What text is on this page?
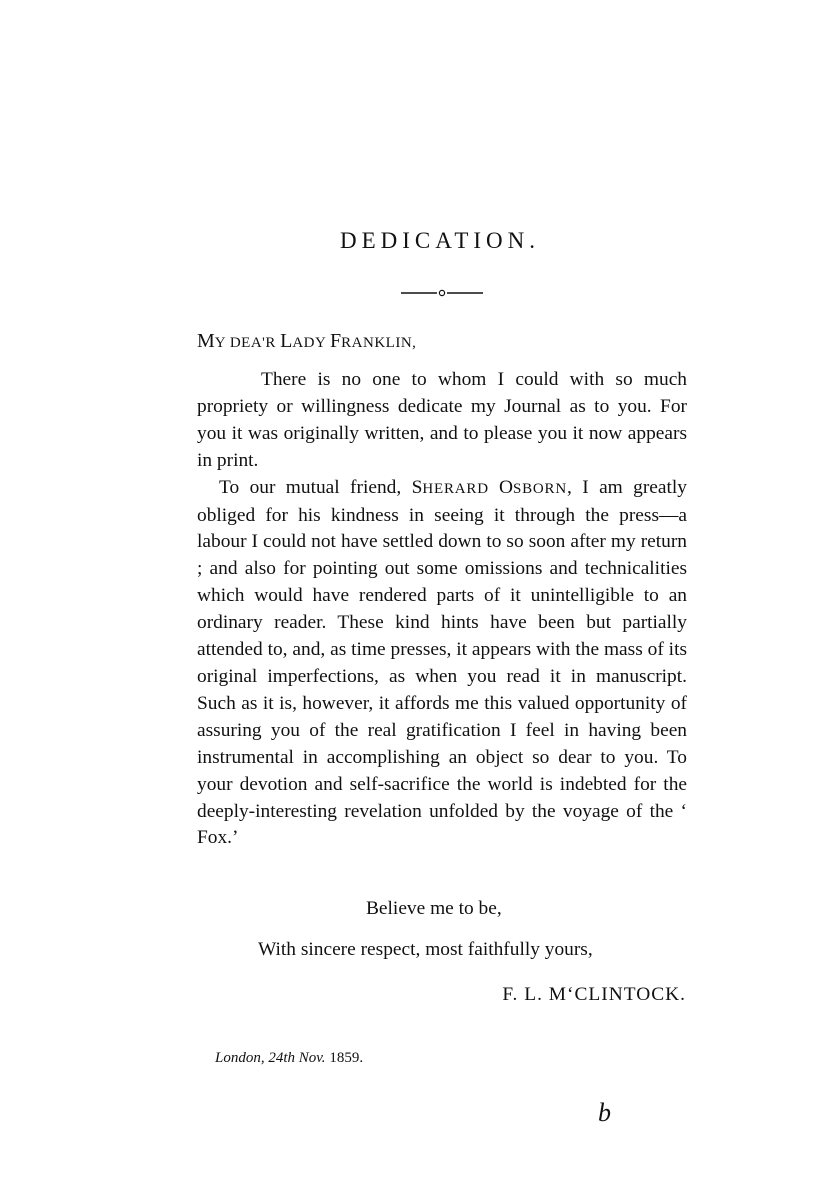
DEDICATION.

MY DEA'R LADY FRANKLIN,

There is no one to whom I could with so much propriety or willingness dedicate my Journal as to you. For you it was originally written, and to please you it now appears in print.

To our mutual friend, SHERARD OSBORN, I am greatly obliged for his kindness in seeing it through the press—a labour I could not have settled down to so soon after my return ; and also for pointing out some omissions and technicalities which would have rendered parts of it unintelligible to an ordinary reader. These kind hints have been but partially attended to, and, as time presses, it appears with the mass of its original imperfections, as when you read it in manuscript. Such as it is, however, it affords me this valued opportunity of assuring you of the real gratification I feel in having been instrumental in accomplishing an object so dear to you. To your devotion and self-sacrifice the world is indebted for the deeply-interesting revelation unfolded by the voyage of the ‘ Fox.’

Believe me to be,

With sincere respect, most faithfully yours,

F. L. M‘CLINTOCK.

London, 24th Nov. 1859.

b
